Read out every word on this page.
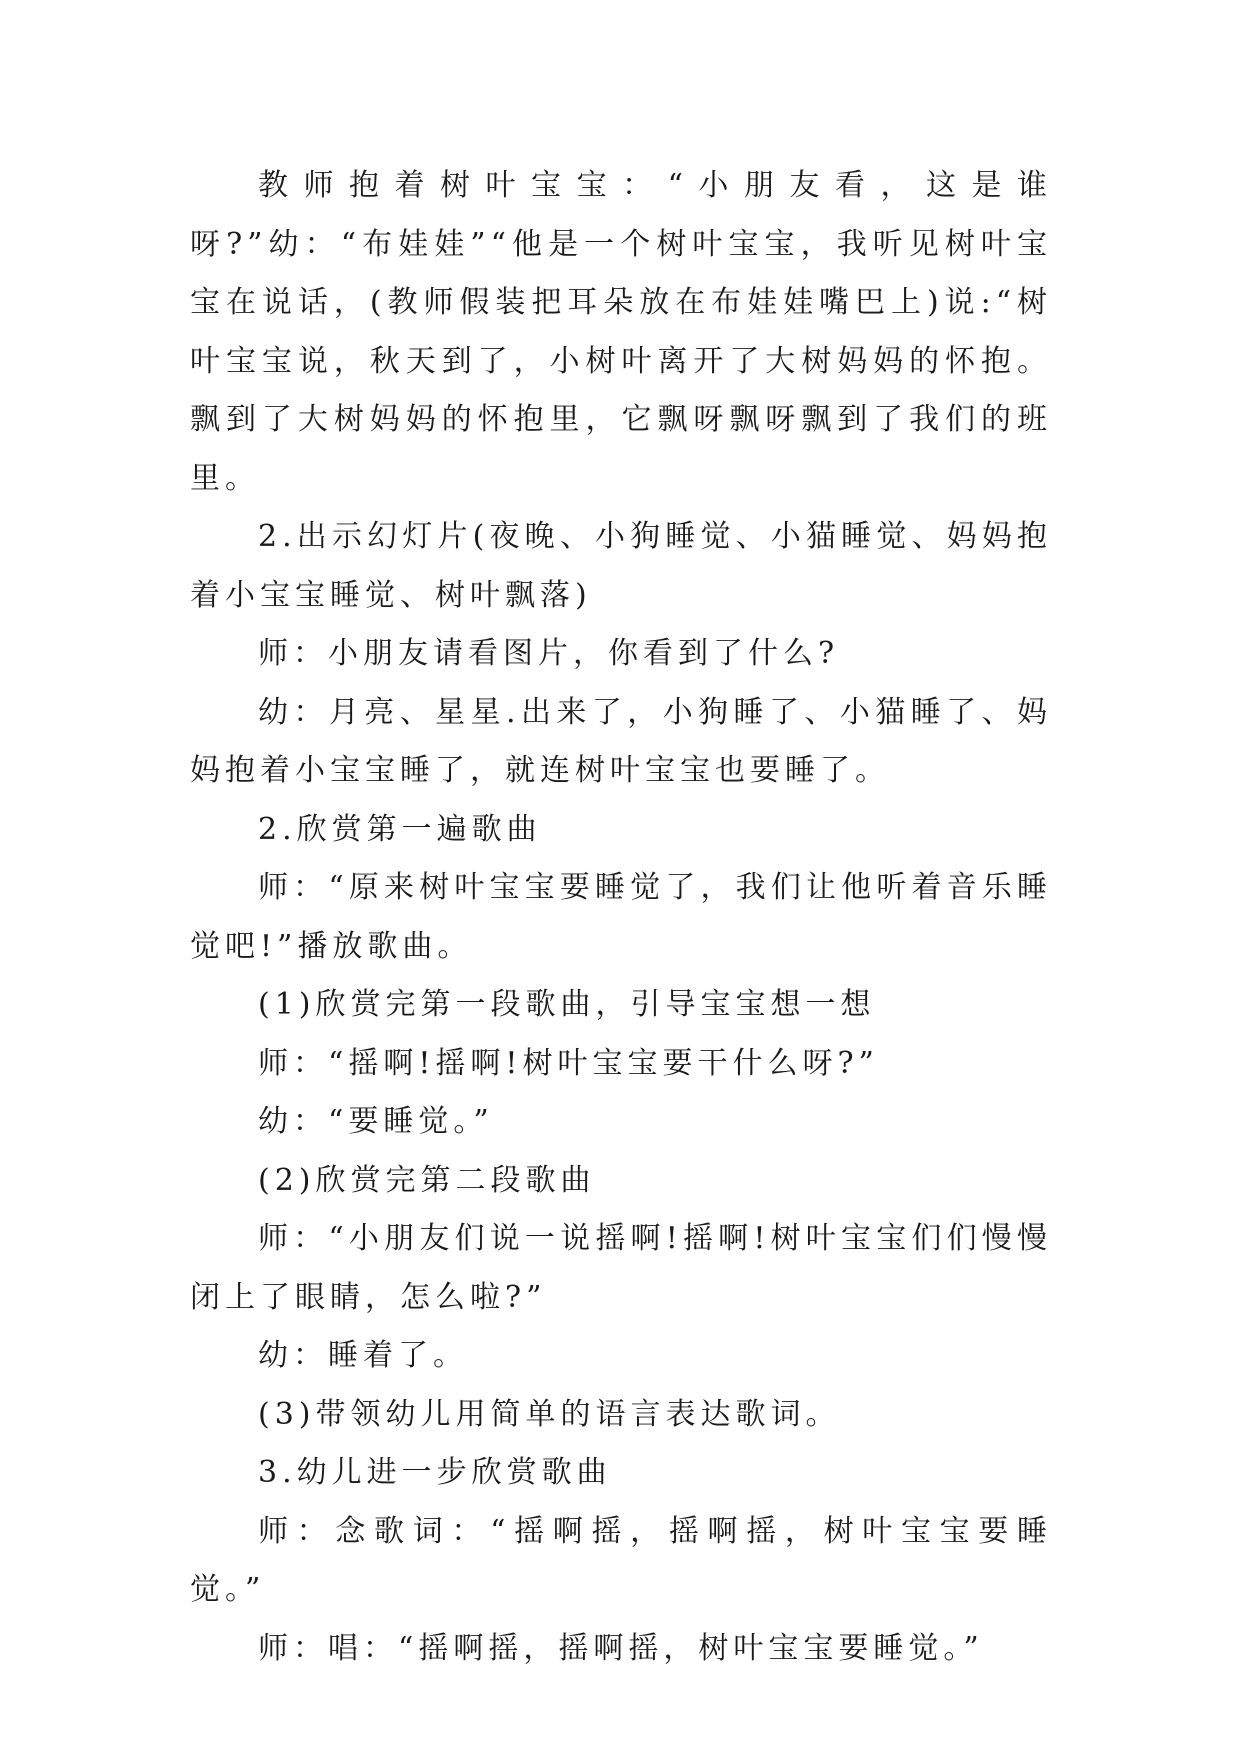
教师抱着树叶宝宝：“小朋友看，这是谁呀?”幼：“布娃娃”“他是一个树叶宝宝，我听见树叶宝宝在说话，(教师假装把耳朵放在布娃娃嘴巴上)说:“树叶宝宝说，秋天到了，小树叶离开了大树妈妈的怀抱。飘到了大树妈妈的怀抱里，它飘呀飘呀飘到了我们的班里。

2.出示幻灯片(夜晚、小狗睡觉、小猫睡觉、妈妈抱着小宝宝睡觉、树叶飘落)

师：小朋友请看图片，你看到了什么?

幼：月亮、星星.出来了，小狗睡了、小猫睡了、妈妈抱着小宝宝睡了，就连树叶宝宝也要睡了。

2.欣赏第一遍歌曲

师：“原来树叶宝宝要睡觉了，我们让他听着音乐睡觉吧!”播放歌曲。

(1)欣赏完第一段歌曲，引导宝宝想一想

师：“摇啊!摇啊!树叶宝宝要干什么呀?”

幼：“要睡觉。”

(2)欣赏完第二段歌曲

师：“小朋友们说一说摇啊!摇啊!树叶宝宝们们慢慢闭上了眼睛，怎么啦?”

幼：睡着了。

(3)带领幼儿用简单的语言表达歌词。

3.幼儿进一步欣赏歌曲

师：念歌词：“摇啊摇，摇啊摇，树叶宝宝要睡觉。”

师：唱：“摇啊摇，摇啊摇，树叶宝宝要睡觉。”
